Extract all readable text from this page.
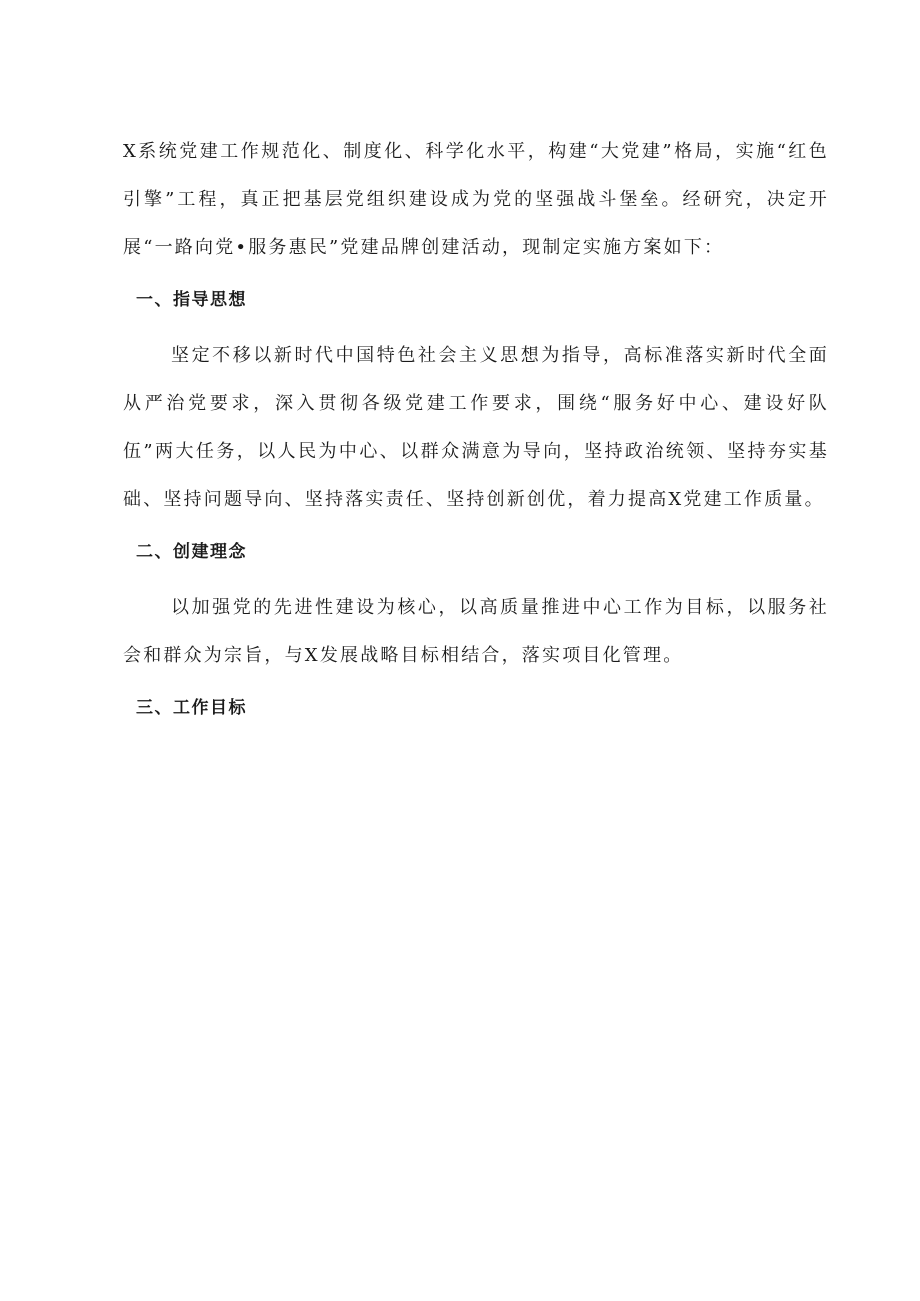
X系统党建工作规范化、制度化、科学化水平，构建“大党建”格局，实施“红色引擎”工程，真正把基层党组织建设成为党的坚强战斗堡垒。经研究，决定开展“一路向党•服务惠民”党建品牌创建活动，现制定实施方案如下：

一、指导思想

坚定不移以新时代中国特色社会主义思想为指导，高标准落实新时代全面从严治党要求，深入贯彻各级党建工作要求，围绕“服务好中心、建设好队伍”两大任务，以人民为中心、以群众满意为导向，坚持政治统领、坚持夯实基础、坚持问题导向、坚持落实责任、坚持创新创优，着力提高X党建工作质量。

二、创建理念

以加强党的先进性建设为核心，以高质量推进中心工作为目标，以服务社会和群众为宗旨，与X发展战略目标相结合，落实项目化管理。

三、工作目标
